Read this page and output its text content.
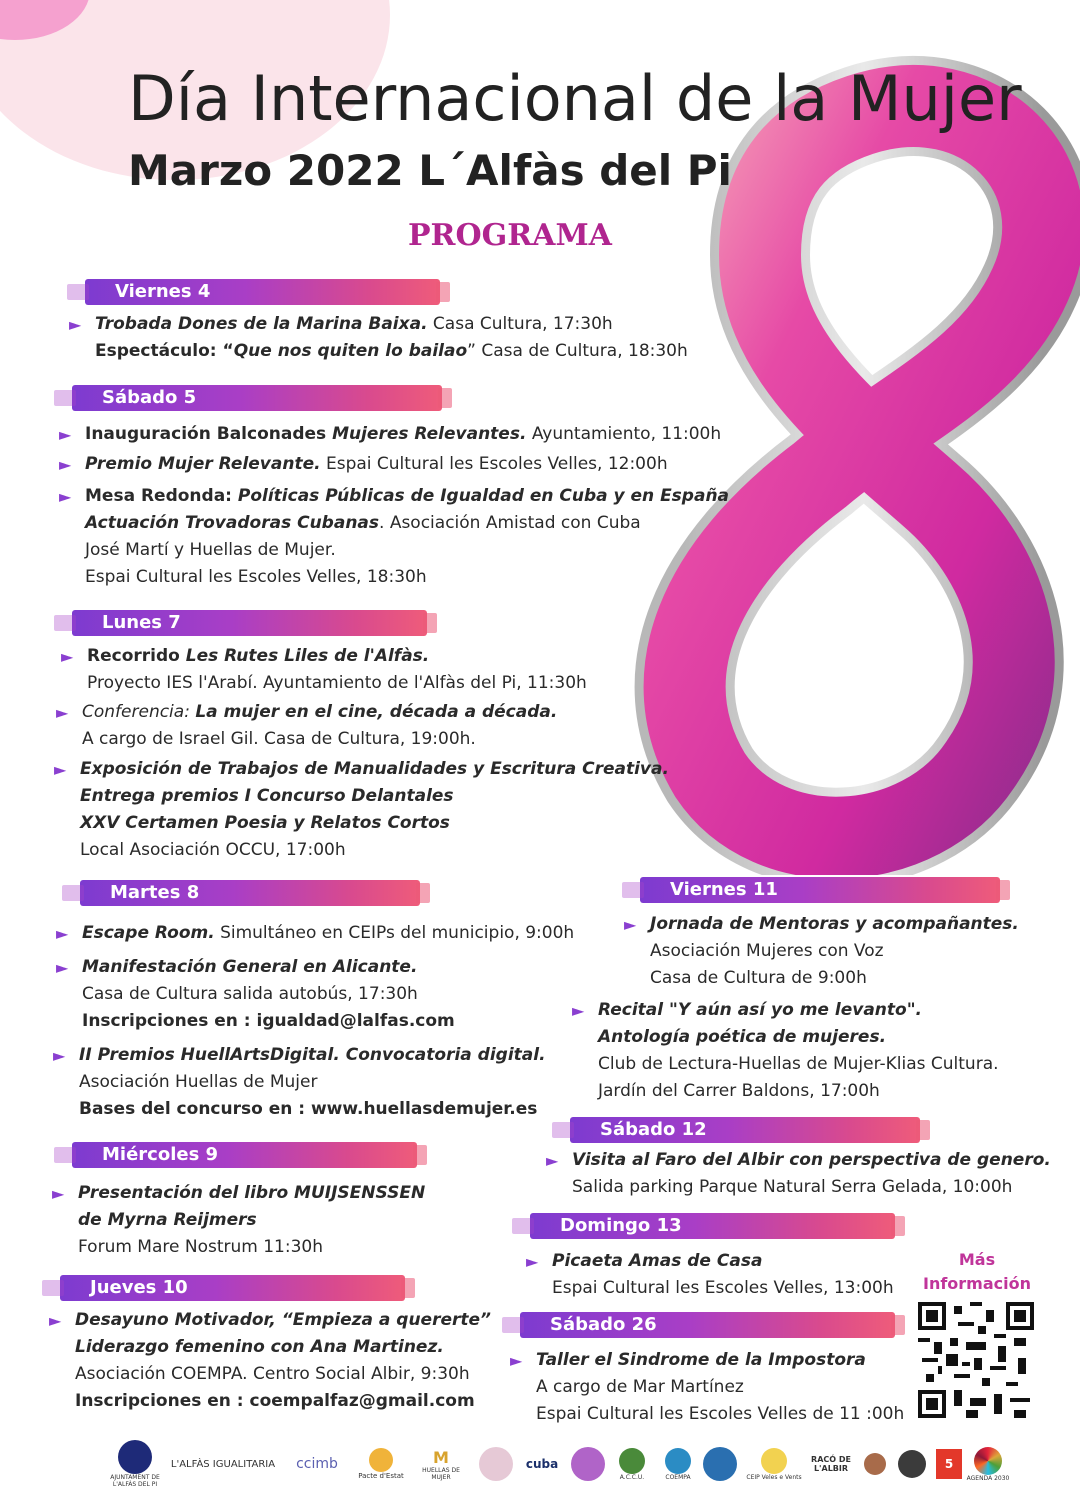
Día Internacional de la Mujer
Marzo 2022 L´Alfàs del Pi
PROGRAMA
Viernes 4
► Trobada Dones de la Marina Baixa. Casa Cultura, 17:30h
Espectáculo: “Que nos quiten lo bailao” Casa de Cultura, 18:30h
Sábado 5
► Inauguración Balconades Mujeres Relevantes. Ayuntamiento, 11:00h
► Premio Mujer Relevante. Espai Cultural les Escoles Velles, 12:00h
► Mesa Redonda: Políticas Públicas de Igualdad en Cuba y en España
Actuación Trovadoras Cubanas. Asociación Amistad con Cuba
José Martí y Huellas de Mujer.
Espai Cultural les Escoles Velles, 18:30h
Lunes 7
► Recorrido Les Rutes Liles de l'Alfàs.
Proyecto IES l'Arabí. Ayuntamiento de l'Alfàs del Pi, 11:30h
► Conferencia: La mujer en el cine, década a década.
A cargo de Israel Gil. Casa de Cultura, 19:00h.
► Exposición de Trabajos de Manualidades y Escritura Creativa.
Entrega premios I Concurso Delantales
XXV Certamen Poesia y Relatos Cortos
Local Asociación OCCU, 17:00h
Martes 8
► Escape Room. Simultáneo en CEIPs del municipio, 9:00h
► Manifestación General en Alicante.
Casa de Cultura salida autobús, 17:30h
Inscripciones en : igualdad@lalfas.com
► II Premios HuellArtsDigital. Convocatoria digital.
Asociación Huellas de Mujer
Bases del concurso en : www.huellasdemujer.es
Miércoles 9
► Presentación del libro MUIJSENSSEN
de Myrna Reijmers
Forum Mare Nostrum 11:30h
Jueves 10
► Desayuno Motivador, “Empieza a quererte”
Liderazgo femenino con Ana Martinez.
Asociación COEMPA. Centro Social Albir, 9:30h
Inscripciones en : coempalfaz@gmail.com
Viernes 11
► Jornada de Mentoras y acompañantes.
Asociación Mujeres con Voz
Casa de Cultura de 9:00h
► Recital "Y aún así yo me levanto".
Antología poética de mujeres.
Club de Lectura-Huellas de Mujer-Klias Cultura.
Jardín del Carrer Baldons, 17:00h
Sábado 12
► Visita al Faro del Albir con perspectiva de genero.
Salida parking Parque Natural Serra Gelada, 10:00h
Domingo 13
► Picaeta Amas de Casa
Espai Cultural les Escoles Velles, 13:00h
Sábado 26
► Taller el Sindrome de la Impostora
A cargo de Mar Martínez
Espai Cultural les Escoles Velles de 11 :00h
Más
Información
AJUNTAMENT DE L'ALFÀS DEL PI
L'ALFÀS IGUALITARIA ccimb
Pacte d'Estat
M
HUELLAS DE MUJER
cuba
A.C.C.U.	COEMPA	CEIP Veles e Vents
RACÓ DE L'ALBIR	5
AGENDA 2030
